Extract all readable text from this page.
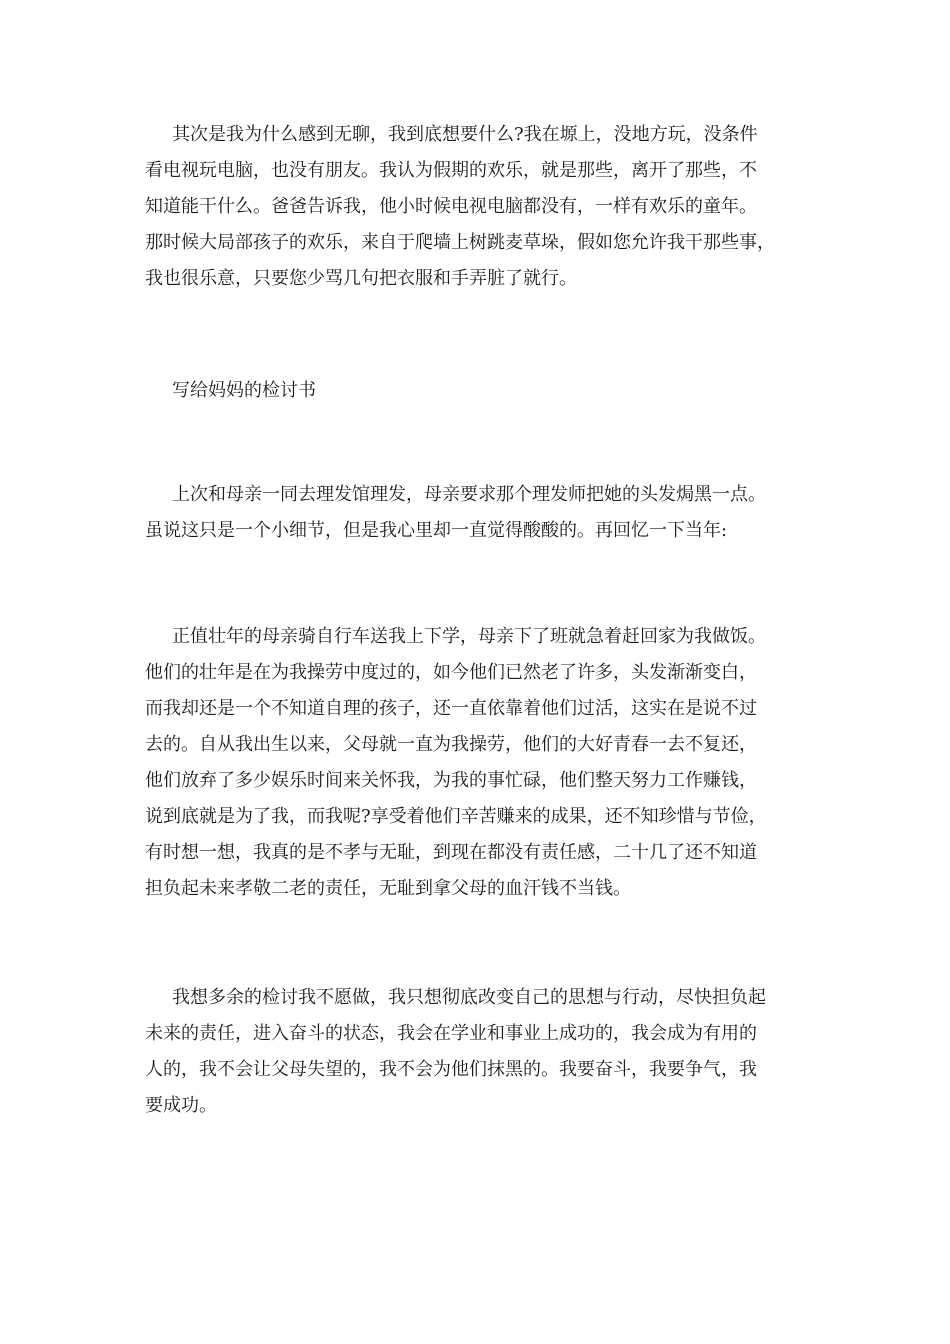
其次是我为什么感到无聊，我到底想要什么?我在塬上，没地方玩，没条件
看电视玩电脑，也没有朋友。我认为假期的欢乐，就是那些，离开了那些，不
知道能干什么。爸爸告诉我，他小时候电视电脑都没有，一样有欢乐的童年。
那时候大局部孩子的欢乐，来自于爬墙上树跳麦草垛，假如您允许我干那些事，
我也很乐意，只要您少骂几句把衣服和手弄脏了就行。
写给妈妈的检讨书
上次和母亲一同去理发馆理发，母亲要求那个理发师把她的头发焗黑一点。
虽说这只是一个小细节，但是我心里却一直觉得酸酸的。再回忆一下当年:
正值壮年的母亲骑自行车送我上下学，母亲下了班就急着赶回家为我做饭。
他们的壮年是在为我操劳中度过的，如今他们已然老了许多，头发渐渐变白，
而我却还是一个不知道自理的孩子，还一直依靠着他们过活，这实在是说不过
去的。自从我出生以来，父母就一直为我操劳，他们的大好青春一去不复还，
他们放弃了多少娱乐时间来关怀我，为我的事忙碌，他们整天努力工作赚钱，
说到底就是为了我，而我呢?享受着他们辛苦赚来的成果，还不知珍惜与节俭，
有时想一想，我真的是不孝与无耻，到现在都没有责任感，二十几了还不知道
担负起未来孝敬二老的责任，无耻到拿父母的血汗钱不当钱。
我想多余的检讨我不愿做，我只想彻底改变自己的思想与行动，尽快担负起
未来的责任，进入奋斗的状态，我会在学业和事业上成功的，我会成为有用的
人的，我不会让父母失望的，我不会为他们抹黑的。我要奋斗，我要争气，我
要成功。
